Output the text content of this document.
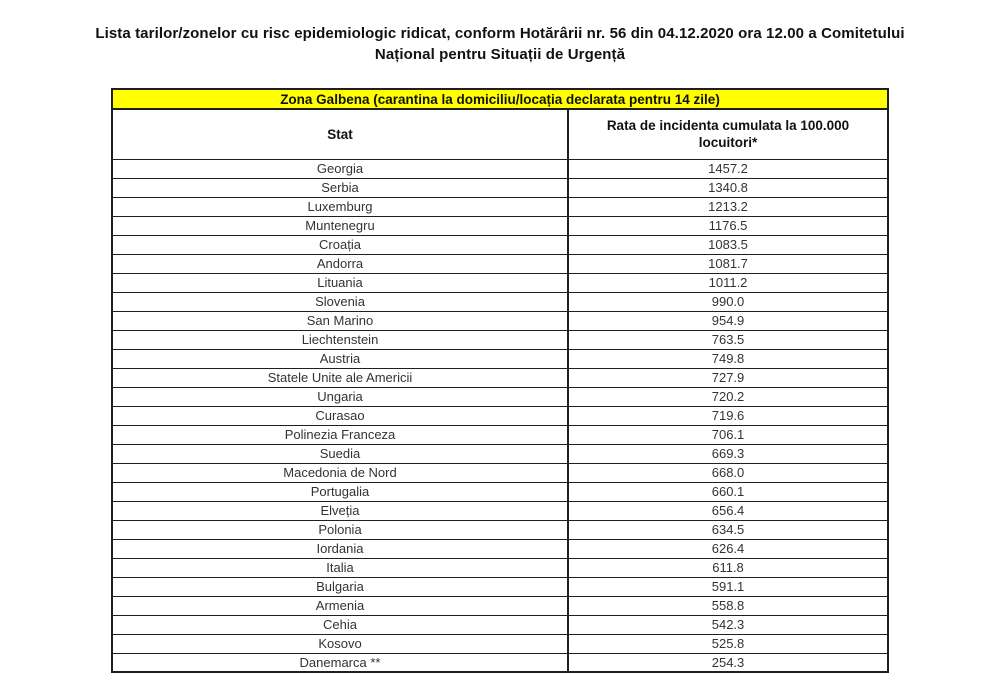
Lista tarilor/zonelor cu risc epidemiologic ridicat, conform Hotărârii nr. 56 din 04.12.2020 ora 12.00 a Comitetului
Național pentru Situații de Urgență
Zona Galbena (carantina la domiciliu/locația declarata pentru 14 zile)	
Stat	Rata de incidenta cumulata la 100.000 locuitori*
Georgia	1457.2
Serbia	1340.8
Luxemburg	1213.2
Muntenegru	1176.5
Croația	1083.5
Andorra	1081.7
Lituania	1011.2
Slovenia	990.0
San Marino	954.9
Liechtenstein	763.5
Austria	749.8
Statele Unite ale Americii	727.9
Ungaria	720.2
Curasao	719.6
Polinezia Franceza	706.1
Suedia	669.3
Macedonia de Nord	668.0
Portugalia	660.1
Elveția	656.4
Polonia	634.5
Iordania	626.4
Italia	611.8
Bulgaria	591.1
Armenia	558.8
Cehia	542.3
Kosovo	525.8
Danemarca **	254.3
